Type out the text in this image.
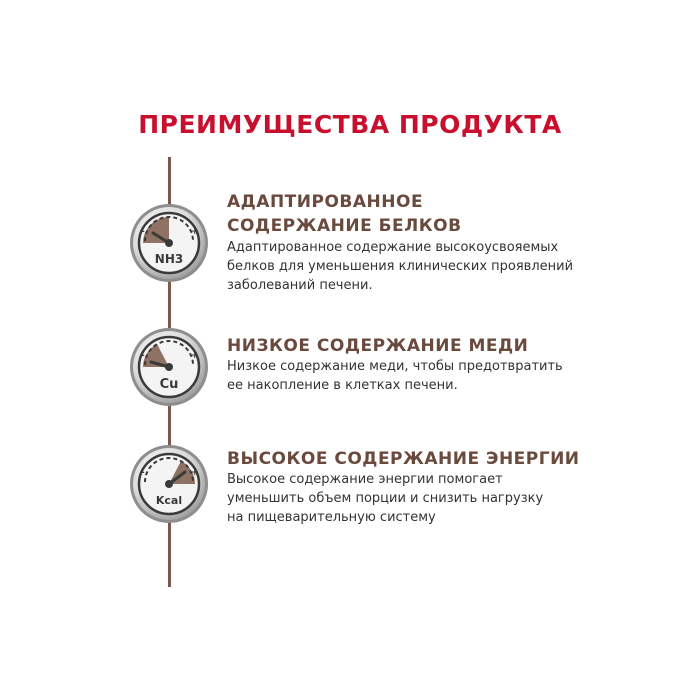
ПРЕИМУЩЕСТВА ПРОДУКТА
-	+
NH3
АДАПТИРОВАННОЕ
СОДЕРЖАНИЕ БЕЛКОВ
Адаптированное содержание высокоусвояемых
белков для уменьшения клинических проявлений
заболеваний печени.
-	+
Cu
НИЗКОЕ СОДЕРЖАНИЕ МЕДИ
Низкое содержание меди, чтобы предотвратить
ее накопление в клетках печени.
-	+
Kcal
ВЫСОКОЕ СОДЕРЖАНИЕ ЭНЕРГИИ
Высокое содержание энергии помогает
уменьшить объем порции и снизить нагрузку
на пищеварительную систему
